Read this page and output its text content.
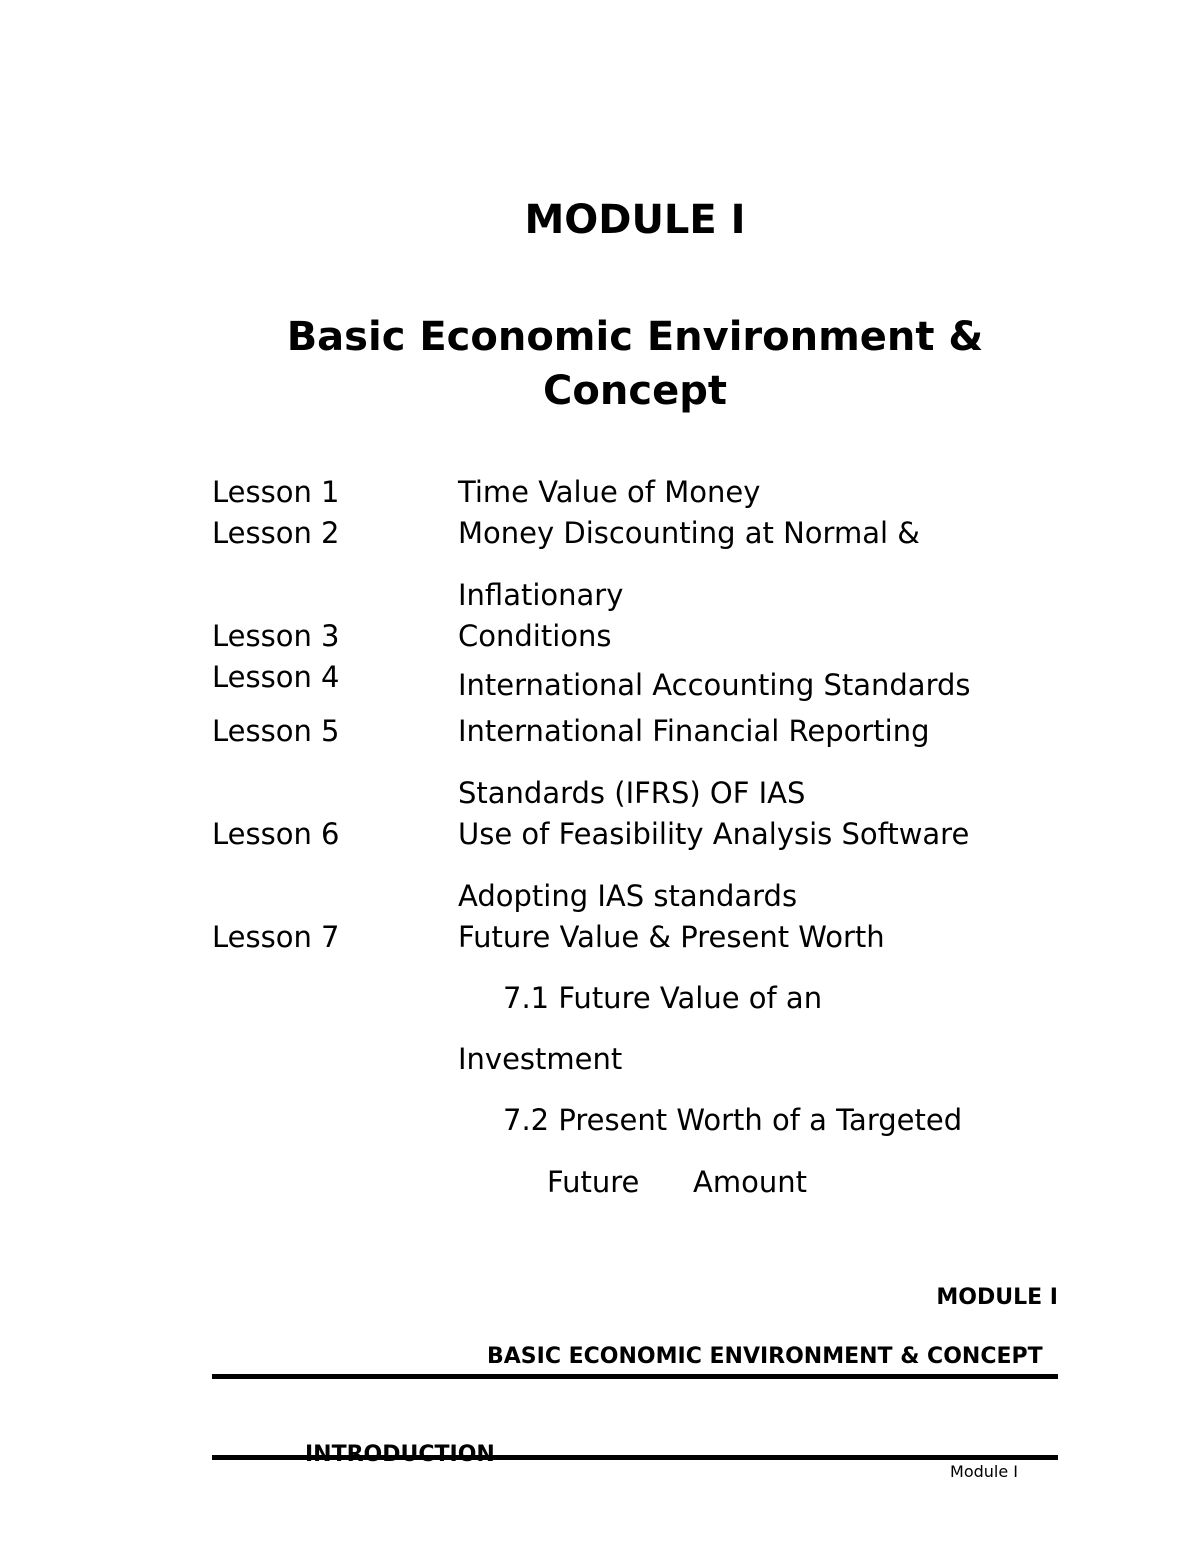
MODULE I
Basic Economic Environment &
Concept
Lesson 1	Time Value of Money
Lesson 2	Money Discounting at Normal &
Inflationary
Lesson 3	Conditions
Lesson 4	International Accounting Standards
Lesson 5	International Financial Reporting
Standards (IFRS) OF IAS
Lesson 6	Use of Feasibility Analysis Software
Adopting IAS standards
Lesson 7	Future Value & Present Worth
7.1 Future Value of an
Investment
7.2 Present Worth of a Targeted
Future Amount
MODULE I
BASIC ECONOMIC ENVIRONMENT & CONCEPT
Module I
